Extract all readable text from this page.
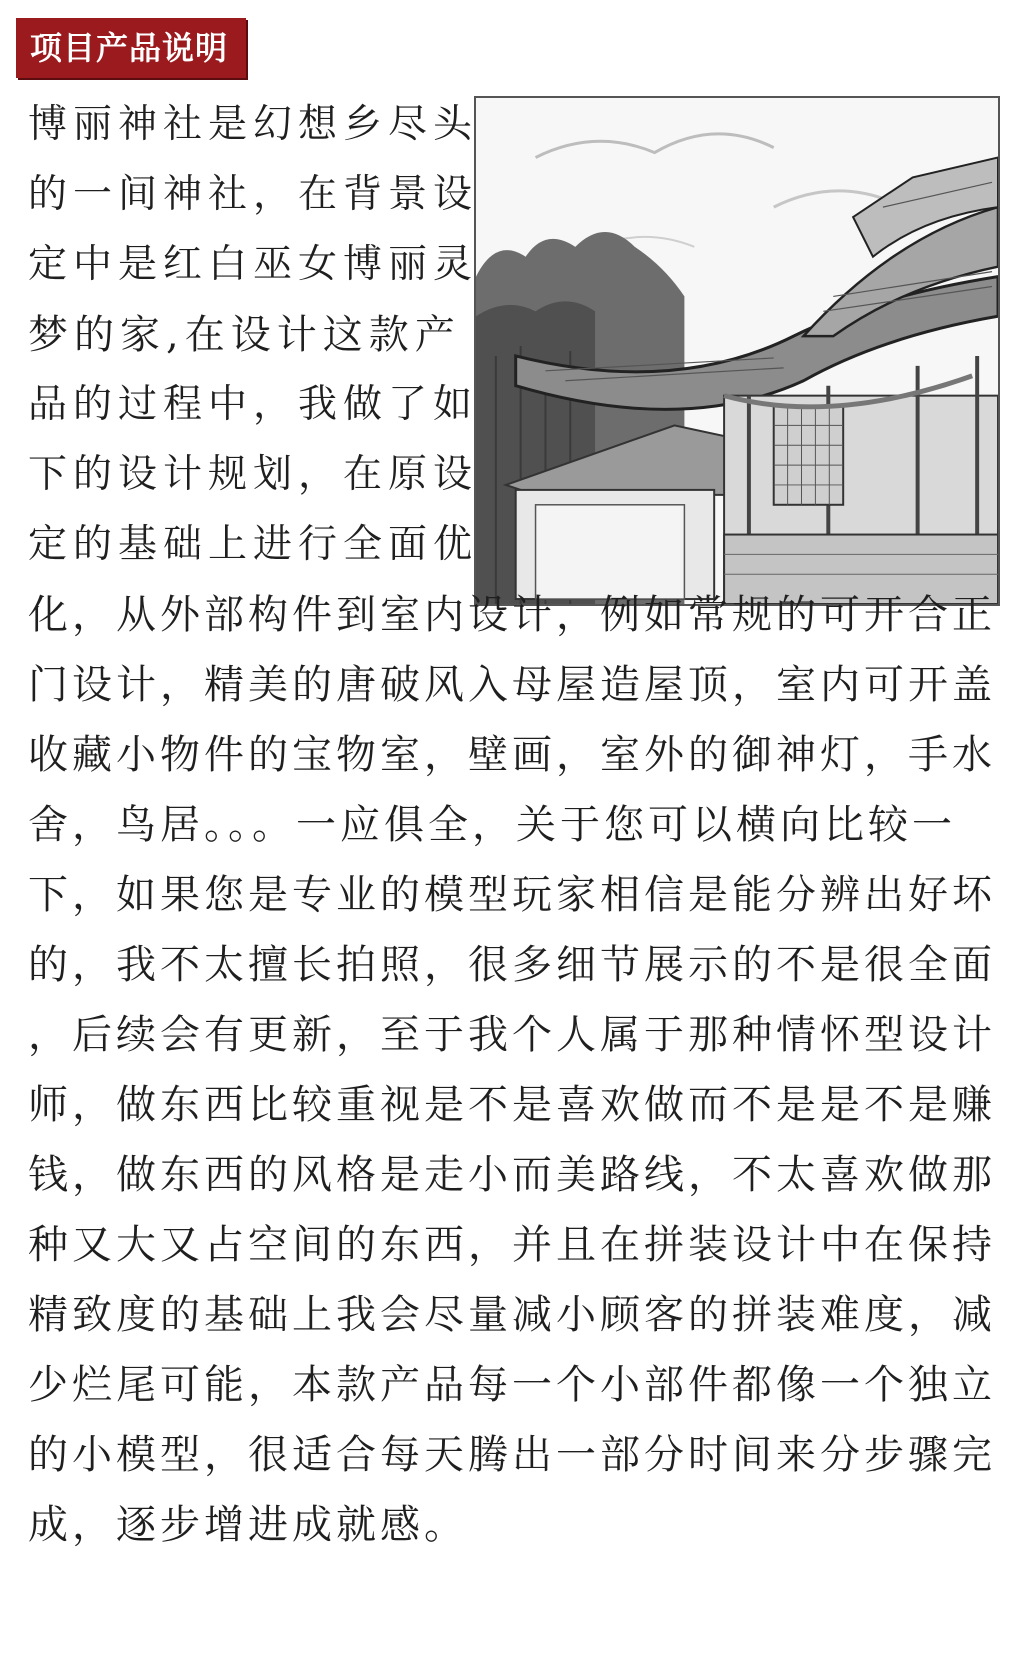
项目产品说明
博丽神社是幻想乡尽头
的一间神社，在背景设
定中是红白巫女博丽灵
梦的家,在设计这款产
品的过程中，我做了如
下的设计规划，在原设
定的基础上进行全面优
化，从外部构件到室内设计，例如常规的可开合正
门设计，精美的唐破风入母屋造屋顶，室内可开盖
收藏小物件的宝物室，壁画，室外的御神灯，手水
舍，鸟居。。。一应俱全，关于您可以横向比较一
下，如果您是专业的模型玩家相信是能分辨出好坏
的，我不太擅长拍照，很多细节展示的不是很全面
，后续会有更新，至于我个人属于那种情怀型设计
师，做东西比较重视是不是喜欢做而不是是不是赚
钱，做东西的风格是走小而美路线，不太喜欢做那
种又大又占空间的东西，并且在拼装设计中在保持
精致度的基础上我会尽量减小顾客的拼装难度，减
少烂尾可能，本款产品每一个小部件都像一个独立
的小模型，很适合每天腾出一部分时间来分步骤完
成，逐步增进成就感。
